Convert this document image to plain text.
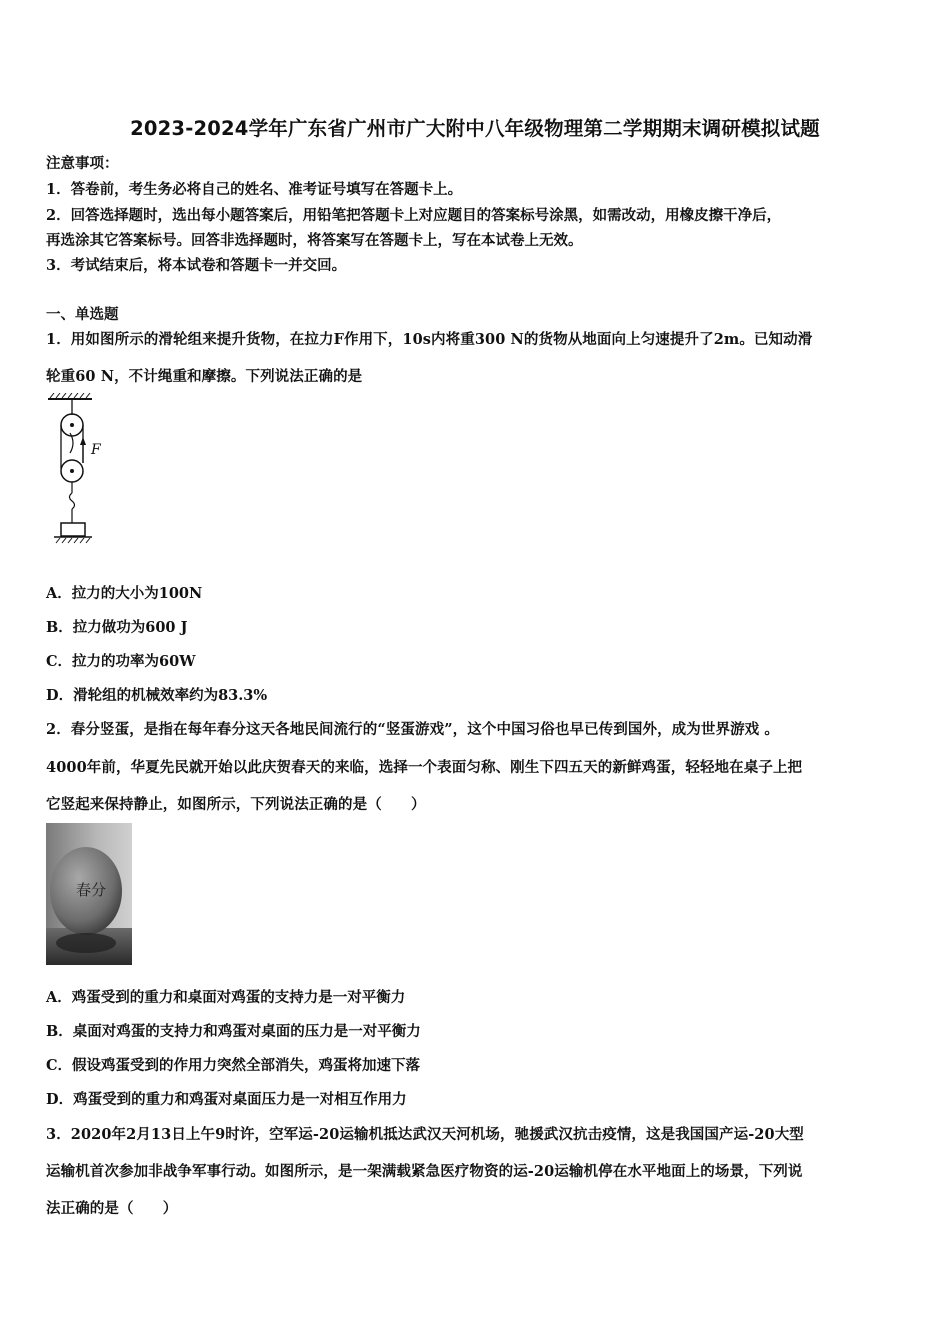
2023-2024学年广东省广州市广大附中八年级物理第二学期期末调研模拟试题
注意事项：
1．答卷前，考生务必将自己的姓名、准考证号填写在答题卡上。
2．回答选择题时，选出每小题答案后，用铅笔把答题卡上对应题目的答案标号涂黑，如需改动，用橡皮擦干净后，
再选涂其它答案标号。回答非选择题时，将答案写在答题卡上，写在本试卷上无效。
3．考试结束后，将本试卷和答题卡一并交回。
一、单选题
1．用如图所示的滑轮组来提升货物，在拉力F作用下，10s内将重300 N的货物从地面向上匀速提升了2m。已知动滑
轮重60 N，不计绳重和摩擦。下列说法正确的是
F
A．拉力的大小为100N
B．拉力做功为600 J
C．拉力的功率为60W
D．滑轮组的机械效率约为83.3%
2．春分竖蛋，是指在每年春分这天各地民间流行的“竖蛋游戏”，这个中国习俗也早已传到国外，成为世界游戏 。
4000年前，华夏先民就开始以此庆贺春天的来临，选择一个表面匀称、刚生下四五天的新鲜鸡蛋，轻轻地在桌子上把
它竖起来保持静止，如图所示，下列说法正确的是（　　）
春分
A．鸡蛋受到的重力和桌面对鸡蛋的支持力是一对平衡力
B．桌面对鸡蛋的支持力和鸡蛋对桌面的压力是一对平衡力
C．假设鸡蛋受到的作用力突然全部消失，鸡蛋将加速下落
D．鸡蛋受到的重力和鸡蛋对桌面压力是一对相互作用力
3．2020年2月13日上午9时许，空军运-20运输机抵达武汉天河机场，驰援武汉抗击疫情，这是我国国产运-20大型
运输机首次参加非战争军事行动。如图所示，是一架满载紧急医疗物资的运-20运输机停在水平地面上的场景，下列说
法正确的是（　　）
